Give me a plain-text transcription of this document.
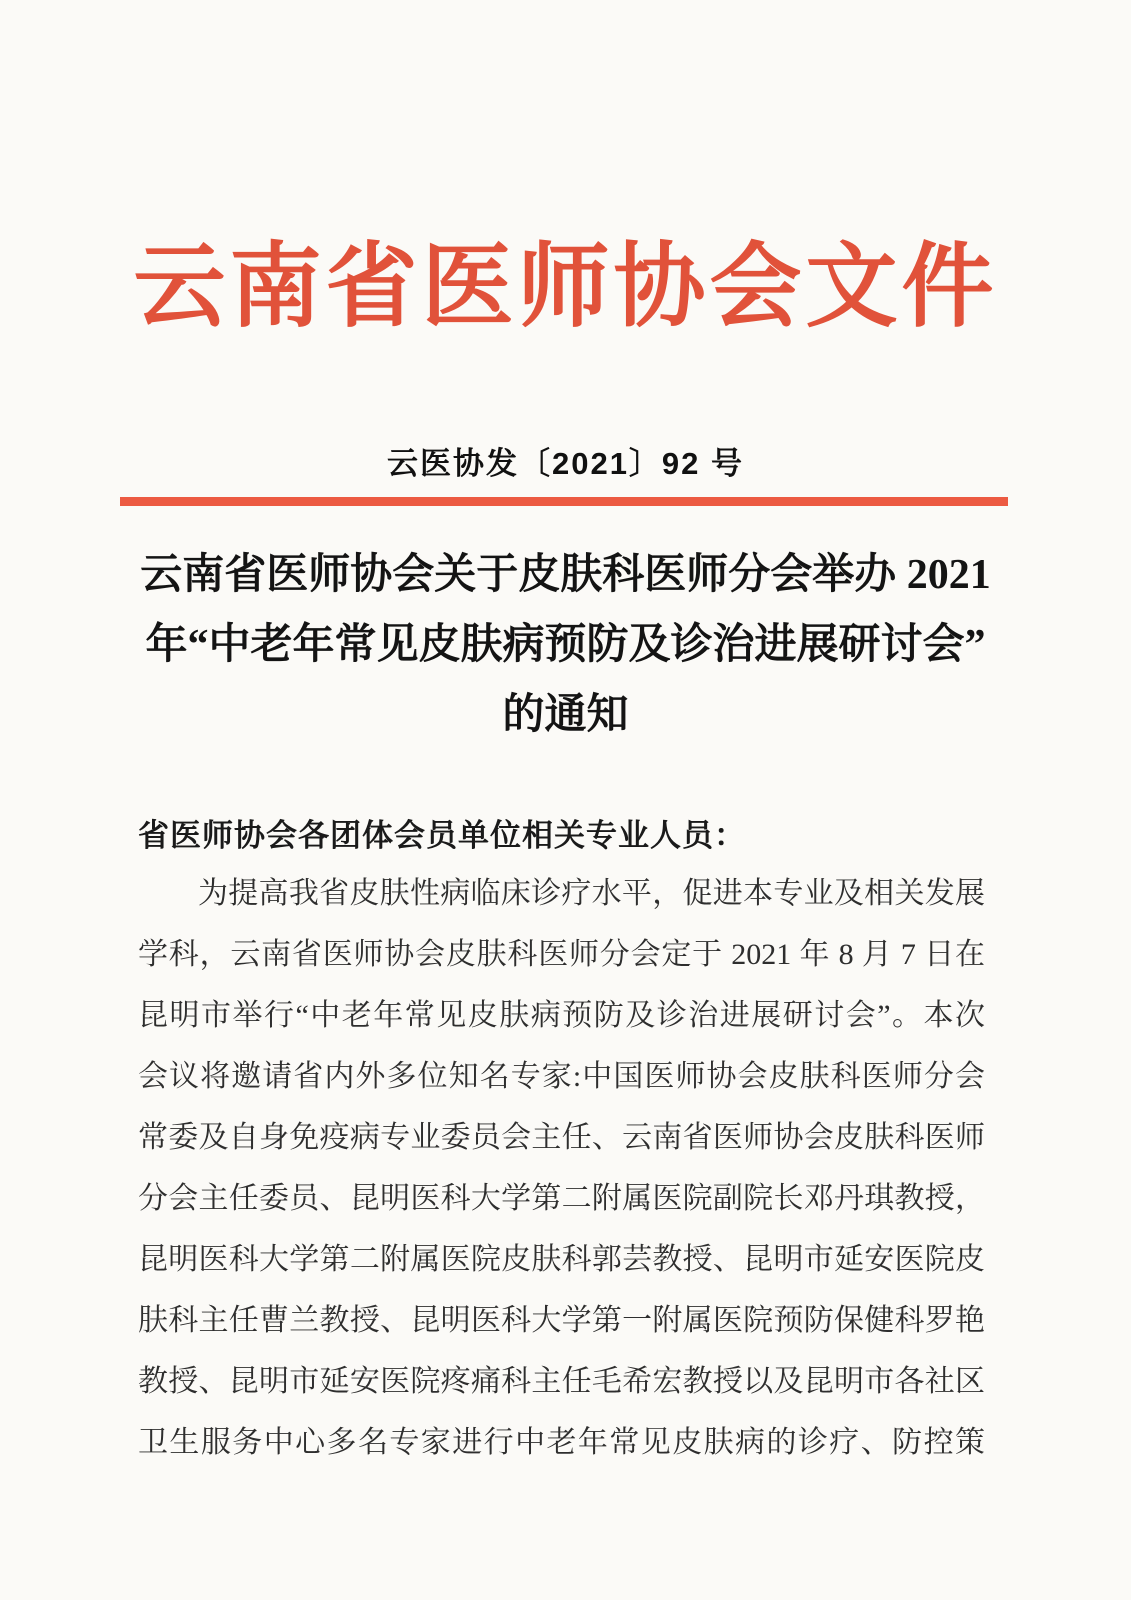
云南省医师协会文件
云医协发〔2021〕92 号
云南省医师协会关于皮肤科医师分会举办 2021
年“中老年常见皮肤病预防及诊治进展研讨会”
的通知
省医师协会各团体会员单位相关专业人员：
为提高我省皮肤性病临床诊疗水平，促进本专业及相关发展
学科，云南省医师协会皮肤科医师分会定于 2021 年 8 月 7 日在
昆明市举行“中老年常见皮肤病预防及诊治进展研讨会”。本次
会议将邀请省内外多位知名专家:中国医师协会皮肤科医师分会
常委及自身免疫病专业委员会主任、云南省医师协会皮肤科医师
分会主任委员、昆明医科大学第二附属医院副院长邓丹琪教授，
昆明医科大学第二附属医院皮肤科郭芸教授、昆明市延安医院皮
肤科主任曹兰教授、昆明医科大学第一附属医院预防保健科罗艳
教授、昆明市延安医院疼痛科主任毛希宏教授以及昆明市各社区
卫生服务中心多名专家进行中老年常见皮肤病的诊疗、防控策
